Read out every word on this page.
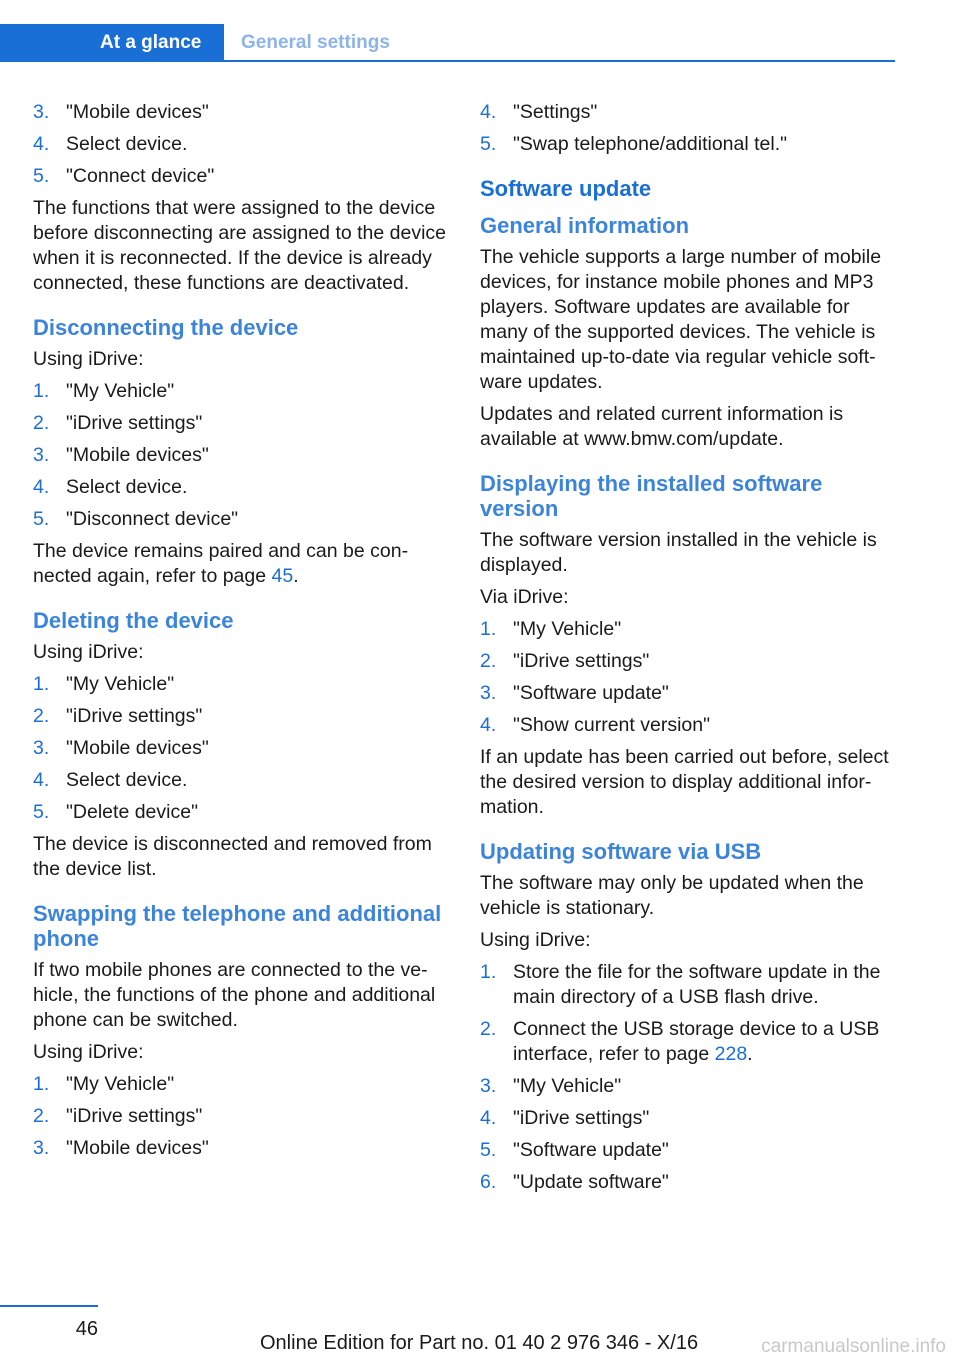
At a glance	General settings
3. "Mobile devices"
4. Select device.
5. "Connect device"

The functions that were assigned to the device before disconnecting are assigned to the device when it is reconnected. If the device is already connected, these functions are deactivated.

Disconnecting the device

Using iDrive:

1. "My Vehicle"
2. "iDrive settings"
3. "Mobile devices"
4. Select device.
5. "Disconnect device"

The device remains paired and can be connected again, refer to page 45.

Deleting the device

Using iDrive:

1. "My Vehicle"
2. "iDrive settings"
3. "Mobile devices"
4. Select device.
5. "Delete device"

The device is disconnected and removed from the device list.

Swapping the telephone and additional phone

If two mobile phones are connected to the vehicle, the functions of the phone and additional phone can be switched.

Using iDrive:

1. "My Vehicle"
2. "iDrive settings"
3. "Mobile devices"
4. "Settings"
5. "Swap telephone/additional tel."
Software update
General information

The vehicle supports a large number of mobile devices, for instance mobile phones and MP3 players. Software updates are available for many of the supported devices. The vehicle is maintained up-to-date via regular vehicle software updates.

Updates and related current information is available at www.bmw.com/update.

Displaying the installed software version

The software version installed in the vehicle is displayed.

Via iDrive:

1. "My Vehicle"
2. "iDrive settings"
3. "Software update"
4. "Show current version"

If an update has been carried out before, select the desired version to display additional information.

Updating software via USB

The software may only be updated when the vehicle is stationary.

Using iDrive:

1. Store the file for the software update in the main directory of a USB flash drive.
2. Connect the USB storage device to a USB interface, refer to page 228.
3. "My Vehicle"
4. "iDrive settings"
5. "Software update"
6. "Update software"
46
Online Edition for Part no. 01 40 2 976 346 - X/16	carmanualsonline.info
